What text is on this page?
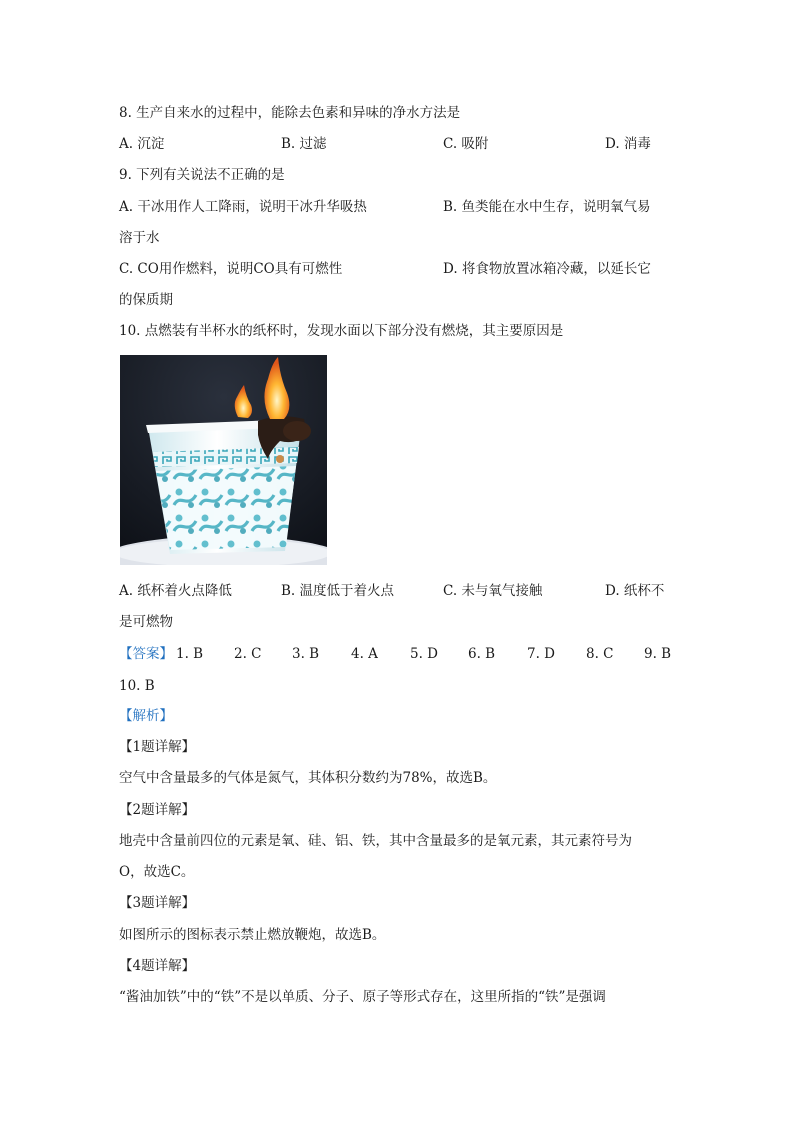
8. 生产自来水的过程中，能除去色素和异味的净水方法是
A. 沉淀	B. 过滤	C. 吸附	D. 消毒
9. 下列有关说法不正确的是
A. 干冰用作人工降雨，说明干冰升华吸热	B. 鱼类能在水中生存，说明氧气易
溶于水
C. CO用作燃料，说明CO具有可燃性	D. 将食物放置冰箱冷藏，以延长它
的保质期
10. 点燃装有半杯水的纸杯时，发现水面以下部分没有燃烧，其主要原因是
A. 纸杯着火点降低	B. 温度低于着火点	C. 未与氧气接触	D. 纸杯不
是可燃物
【答案】 1. B 2. C 3. B 4. A 5. D 6. B 7. D 8. C 9. B
10. B
【解析】
【1题详解】
空气中含量最多的气体是氮气，其体积分数约为78%，故选B。
【2题详解】
地壳中含量前四位的元素是氧、硅、铝、铁，其中含量最多的是氧元素，其元素符号为
O，故选C。
【3题详解】
如图所示的图标表示禁止燃放鞭炮，故选B。
【4题详解】
“酱油加铁”中的“铁”不是以单质、分子、原子等形式存在，这里所指的“铁”是强调
